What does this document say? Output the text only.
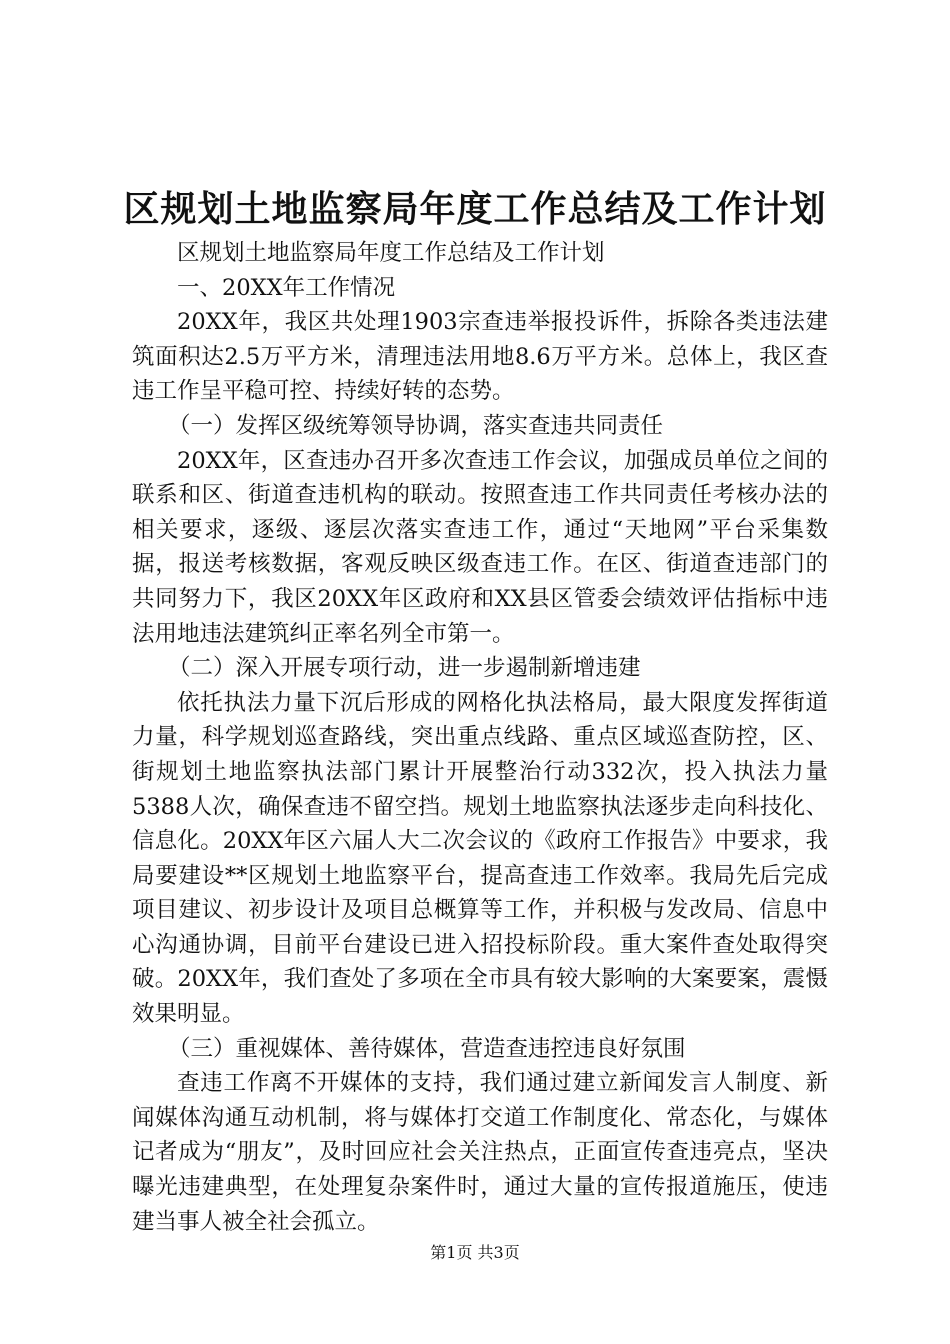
区规划土地监察局年度工作总结及工作计划

区规划土地监察局年度工作总结及工作计划

一、20XX年工作情况

20XX年，我区共处理1903宗查违举报投诉件，拆除各类违法建筑面积达2.5万平方米，清理违法用地8.6万平方米。总体上，我区查违工作呈平稳可控、持续好转的态势。

（一）发挥区级统筹领导协调，落实查违共同责任

20XX年，区查违办召开多次查违工作会议，加强成员单位之间的联系和区、街道查违机构的联动。按照查违工作共同责任考核办法的相关要求，逐级、逐层次落实查违工作，通过“天地网”平台采集数据，报送考核数据，客观反映区级查违工作。在区、街道查违部门的共同努力下，我区20XX年区政府和XX县区管委会绩效评估指标中违法用地违法建筑纠正率名列全市第一。

（二）深入开展专项行动，进一步遏制新增违建

依托执法力量下沉后形成的网格化执法格局，最大限度发挥街道力量，科学规划巡查路线，突出重点线路、重点区域巡查防控，区、街规划土地监察执法部门累计开展整治行动332次，投入执法力量5388人次，确保查违不留空挡。规划土地监察执法逐步走向科技化、信息化。20XX年区六届人大二次会议的《政府工作报告》中要求，我局要建设**区规划土地监察平台，提高查违工作效率。我局先后完成项目建议、初步设计及项目总概算等工作，并积极与发改局、信息中心沟通协调，目前平台建设已进入招投标阶段。重大案件查处取得突破。20XX年，我们查处了多项在全市具有较大影响的大案要案，震慑效果明显。

（三）重视媒体、善待媒体，营造查违控违良好氛围

查违工作离不开媒体的支持，我们通过建立新闻发言人制度、新闻媒体沟通互动机制，将与媒体打交道工作制度化、常态化，与媒体记者成为“朋友”，及时回应社会关注热点，正面宣传查违亮点，坚决曝光违建典型，在处理复杂案件时，通过大量的宣传报道施压，使违建当事人被全社会孤立。

第1页 共3页
